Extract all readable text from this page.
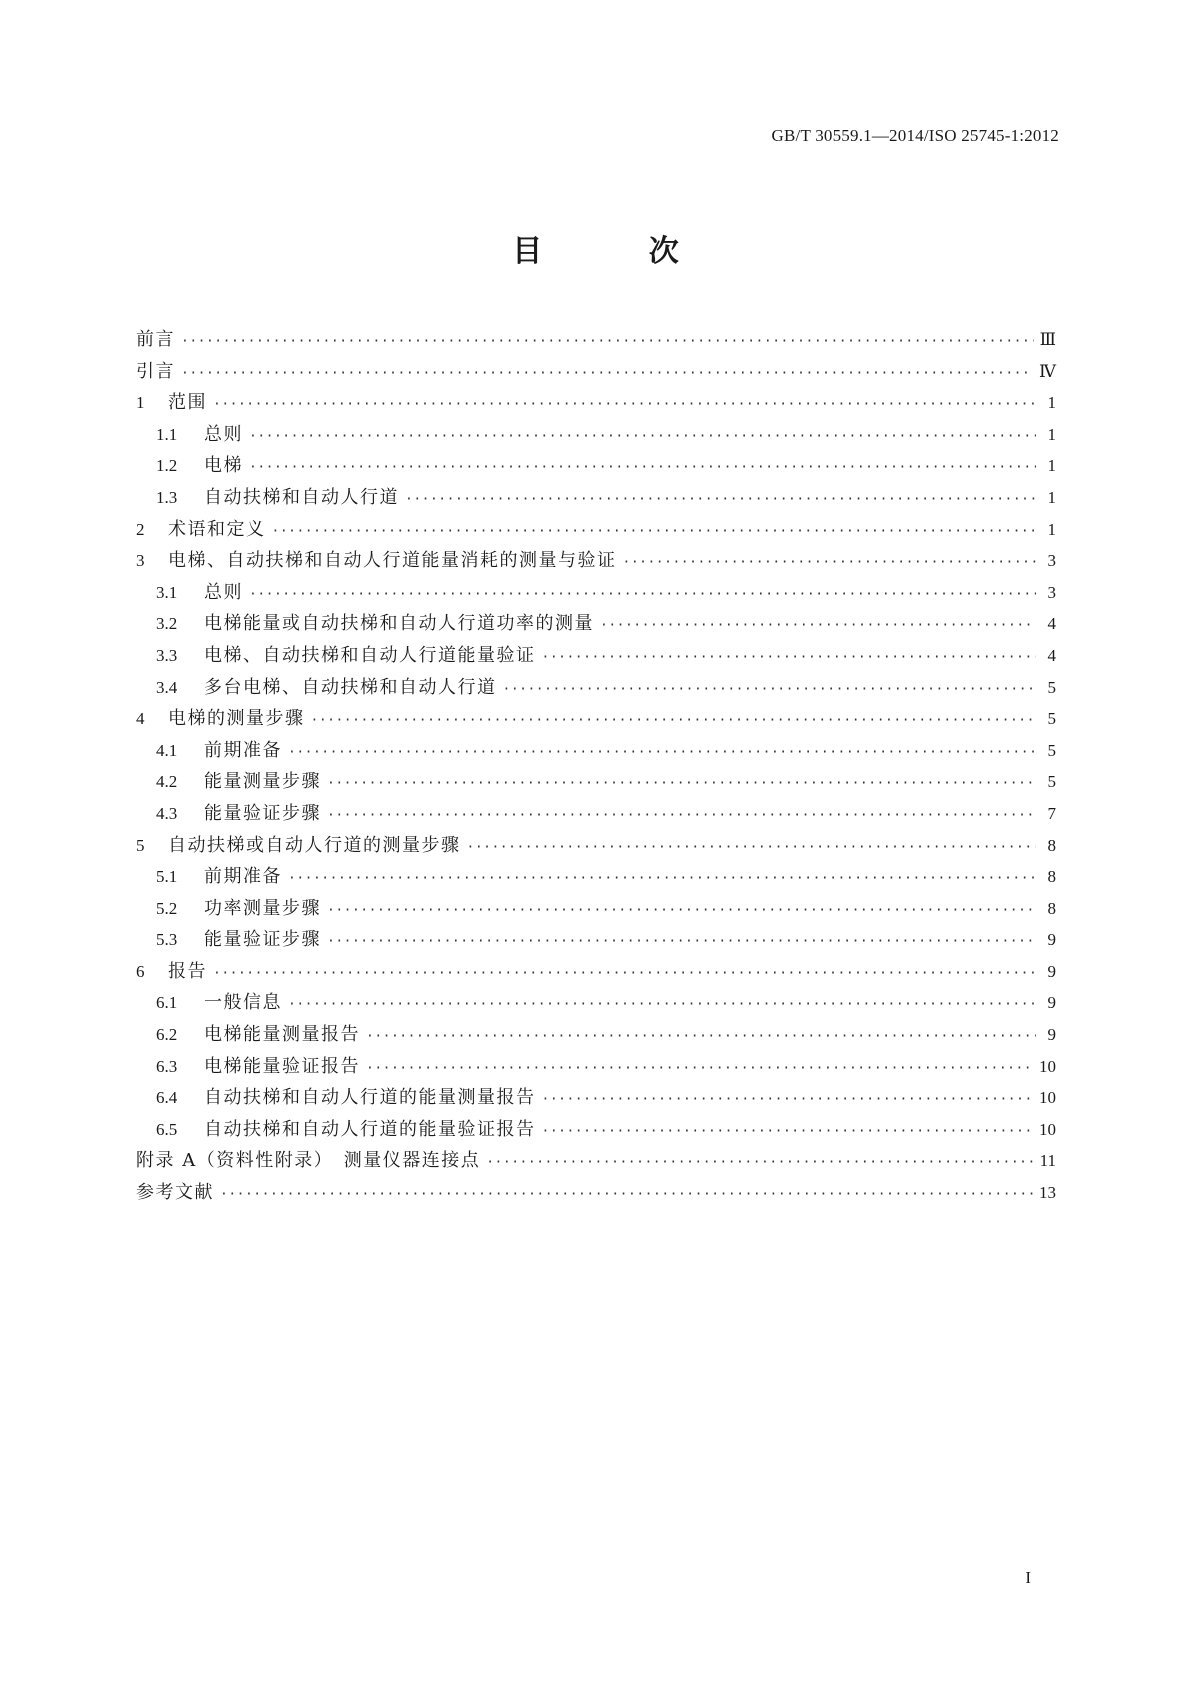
GB/T 30559.1—2014/ISO 25745-1:2012
目 次
前言 ·····	Ⅲ
引言 ·····	Ⅳ
1	范围 ·····	1
1.1	总则 ·····	1
1.2	电梯 ·····	1
1.3	自动扶梯和自动人行道 ·····	1
2	术语和定义 ·····	1
3	电梯、自动扶梯和自动人行道能量消耗的测量与验证 ·····	3
3.1	总则 ·····	3
3.2	电梯能量或自动扶梯和自动人行道功率的测量 ·····	4
3.3	电梯、自动扶梯和自动人行道能量验证 ·····	4
3.4	多台电梯、自动扶梯和自动人行道 ·····	5
4	电梯的测量步骤 ·····	5
4.1	前期准备 ·····	5
4.2	能量测量步骤 ·····	5
4.3	能量验证步骤 ·····	7
5	自动扶梯或自动人行道的测量步骤 ·····	8
5.1	前期准备 ·····	8
5.2	功率测量步骤 ·····	8
5.3	能量验证步骤 ·····	9
6	报告 ·····	9
6.1	一般信息 ·····	9
6.2	电梯能量测量报告 ·····	9
6.3	电梯能量验证报告 ·····	10
6.4	自动扶梯和自动人行道的能量测量报告 ·····	10
6.5	自动扶梯和自动人行道的能量验证报告 ·····	10
附录 A（资料性附录）　测量仪器连接点 ·····	11
参考文献 ·····	13
I
